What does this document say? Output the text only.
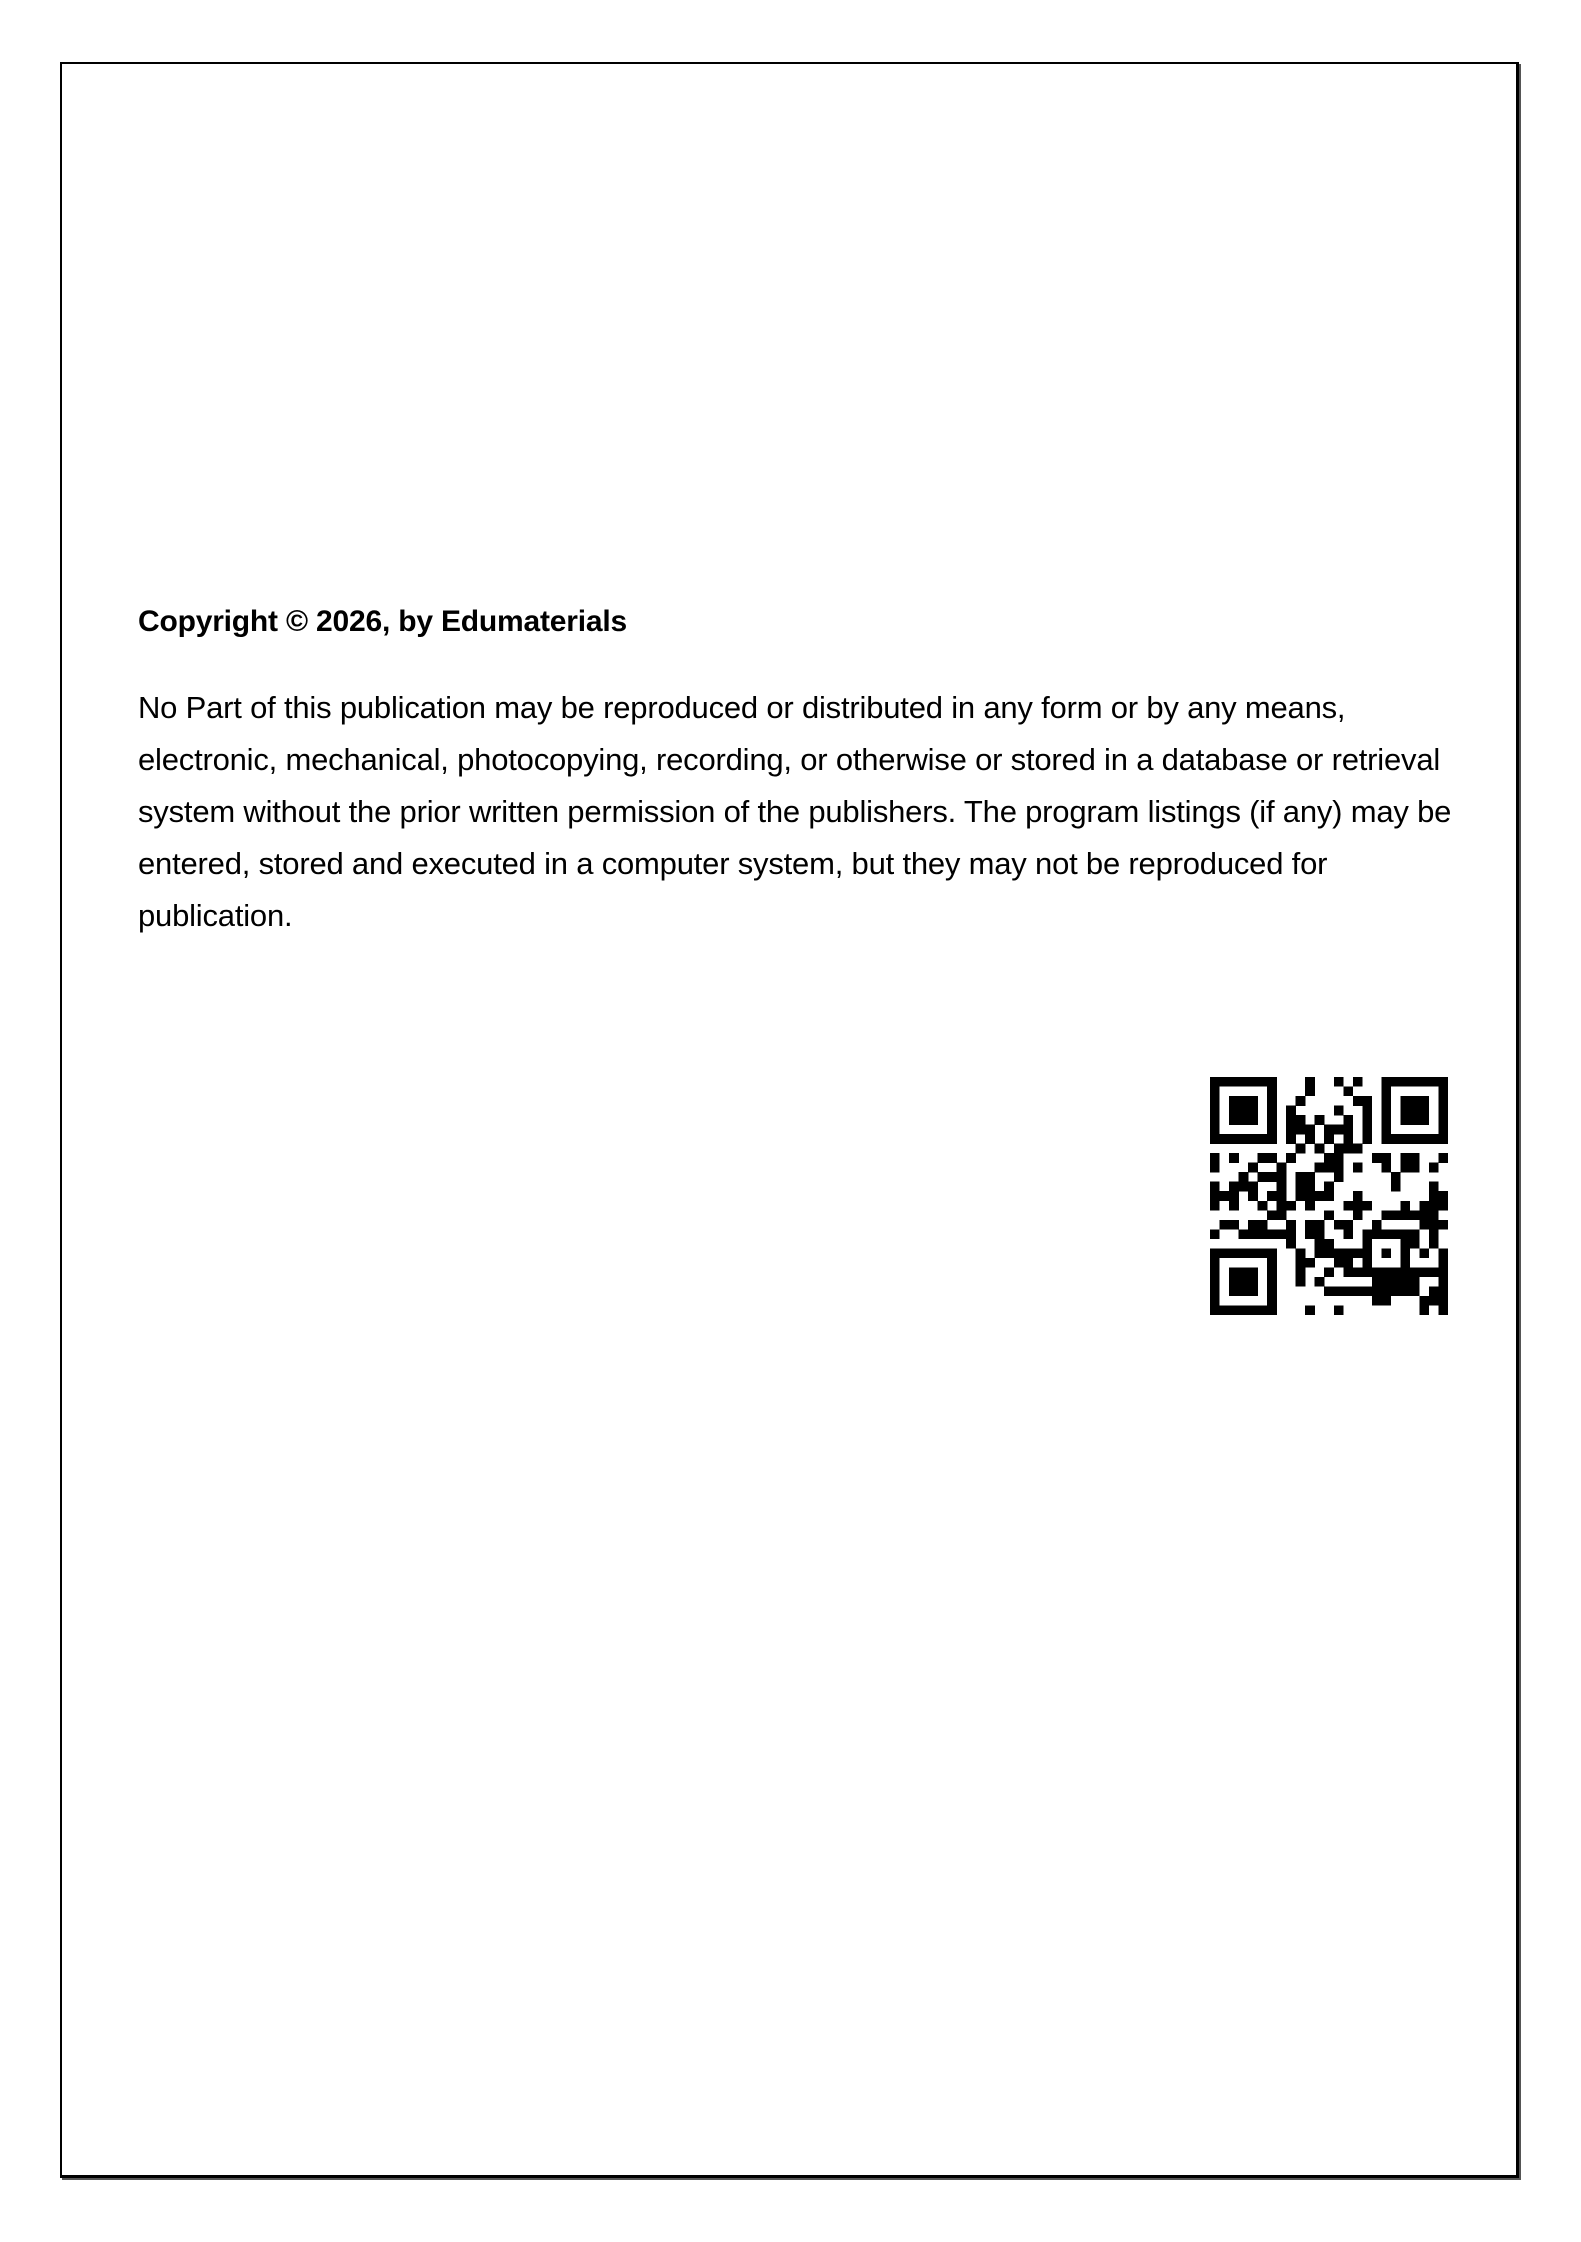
Copyright © 2026, by Edumaterials

No Part of this publication may be reproduced or distributed in any form or by any means, electronic, mechanical, photocopying, recording, or otherwise or stored in a database or retrieval system without the prior written permission of the publishers. The program listings (if any) may be entered, stored and executed in a computer system, but they may not be reproduced for publication.
